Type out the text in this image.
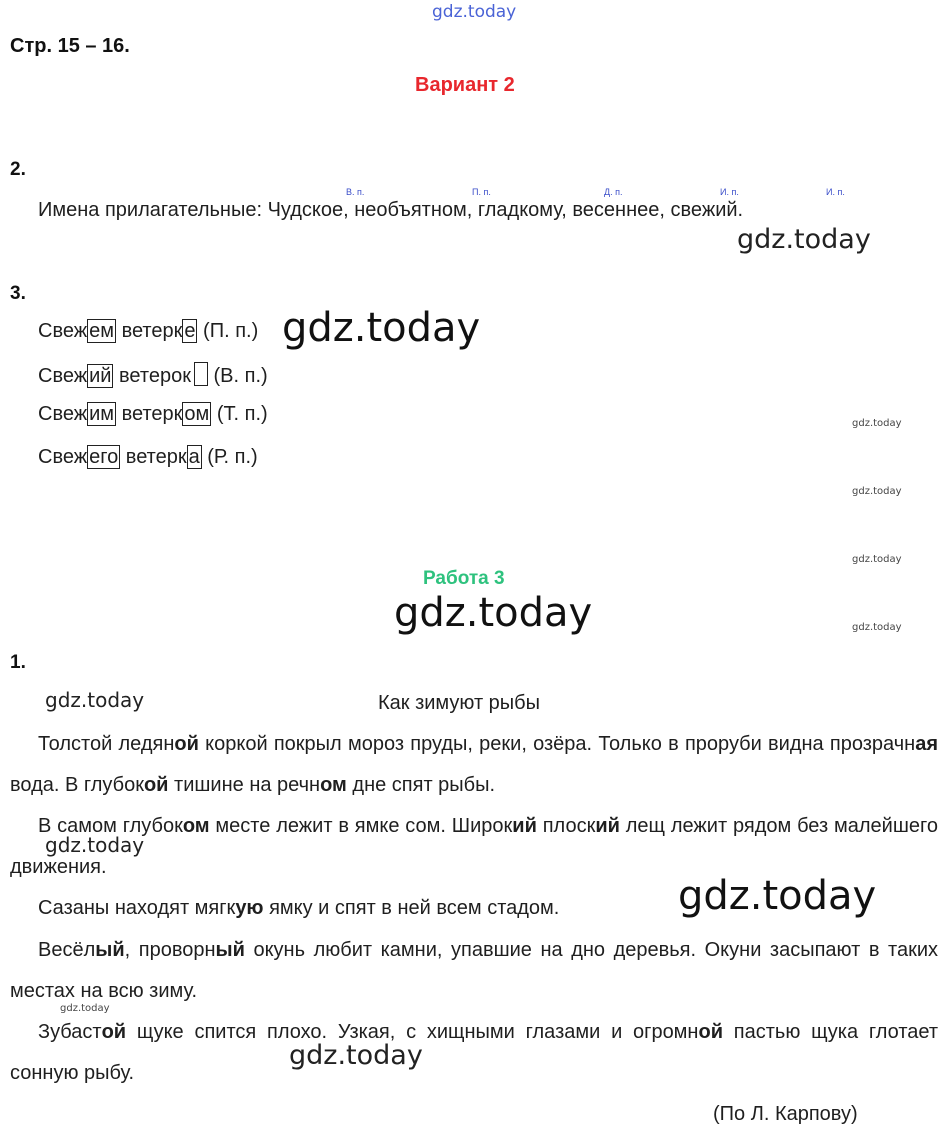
gdz.today
Стр. 15 – 16.
Вариант 2
2.
В. п.	П. п.	Д. п.	И. п.	И. п.
Имена прилагательные: Чудское, необъятном, гладкому, весеннее, свежий.
gdz.today
3.
Свеж ем ветерк е (П. п.)
Свеж ий ветерок (В. п.)
Свеж им ветерк ом (Т. п.)
Свеж его ветерк а (Р. п.)
gdz.today
gdz.today
gdz.today
gdz.today
gdz.today
Работа 3
gdz.today
1.
gdz.today	Как зимуют рыбы
Толстой ледяной коркой покрыл мороз пруды, реки, озёра. Только в проруби видна прозрачная вода. В глубокой тишине на речном дне спят рыбы.
В самом глубоком месте лежит в ямке сом. Широкий плоский лещ лежит рядом без малейшего движения.
gdz.today
Сазаны находят мягкую ямку и спят в ней всем стадом.	gdz.today
Весёлый, проворный окунь любит камни, упавшие на дно деревья. Окуни засыпают в таких местах на всю зиму.
gdz.today
Зубастой щуке спится плохо. Узкая, с хищными глазами и огромной пастью щука глотает сонную рыбу.
gdz.today
(По Л. Карпову)
